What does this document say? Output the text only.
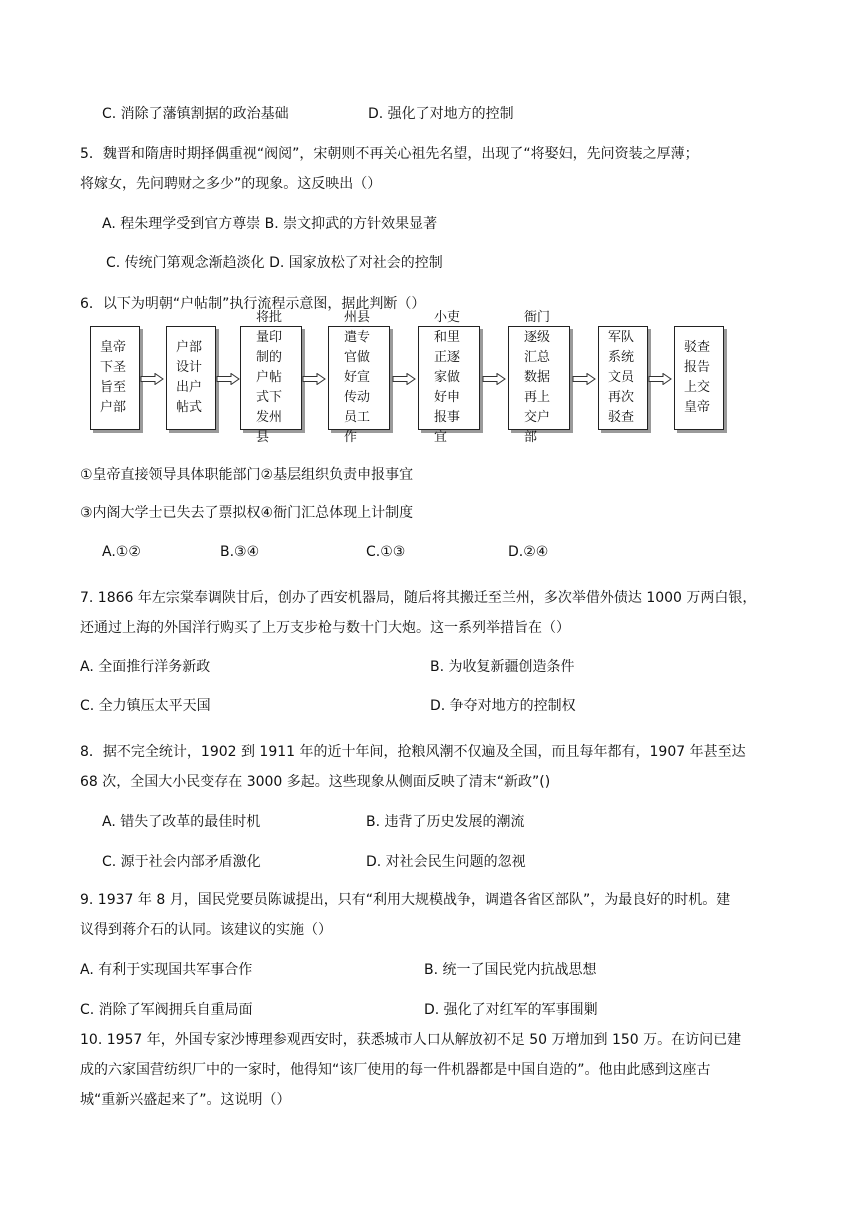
C. 消除了藩镇割据的政治基础	D. 强化了对地方的控制
5．魏晋和隋唐时期择偶重视“阀阅”，宋朝则不再关心祖先名望，出现了“将娶妇，先问资装之厚薄；
将嫁女，先问聘财之多少”的现象。这反映出（）
A. 程朱理学受到官方尊崇 B. 崇文抑武的方针效果显著
C. 传统门第观念渐趋淡化 D. 国家放松了对社会的控制
6．以下为明朝“户帖制”执行流程示意图，据此判断（）
皇帝下圣旨至户部
户部设计出户帖式
将批量印制的户帖式下发州县
州县遣专官做好宣传动员工作
小吏和里正逐家做好申报事宜
衙门逐级汇总数据再上交户部
军队系统文员再次驳查
驳查报告上交皇帝
①皇帝直接领导具体职能部门②基层组织负责申报事宜
③内阁大学士已失去了票拟权④衙门汇总体现上计制度
A.①②	B.③④	C.①③	D.②④
7. 1866 年左宗棠奉调陕甘后，创办了西安机器局，随后将其搬迁至兰州，多次举借外债达 1000 万两白银，
还通过上海的外国洋行购买了上万支步枪与数十门大炮。这一系列举措旨在（）
A. 全面推行洋务新政	B. 为收复新疆创造条件
C. 全力镇压太平天国	D. 争夺对地方的控制权
8．据不完全统计，1902 到 1911 年的近十年间，抢粮风潮不仅遍及全国，而且每年都有，1907 年甚至达
68 次，全国大小民变存在 3000 多起。这些现象从侧面反映了清末“新政”()
A. 错失了改革的最佳时机	B. 违背了历史发展的潮流
C. 源于社会内部矛盾激化	D. 对社会民生问题的忽视
9. 1937 年 8 月，国民党要员陈诚提出，只有“利用大规模战争，调遣各省区部队”，为最良好的时机。建
议得到蒋介石的认同。该建议的实施（）
A. 有利于实现国共军事合作	B. 统一了国民党内抗战思想
C. 消除了军阀拥兵自重局面	D. 强化了对红军的军事围剿
10. 1957 年，外国专家沙博理参观西安时，获悉城市人口从解放初不足 50 万增加到 150 万。在访问已建
成的六家国营纺织厂中的一家时，他得知“该厂使用的每一件机器都是中国自造的”。他由此感到这座古
城“重新兴盛起来了”。这说明（）
